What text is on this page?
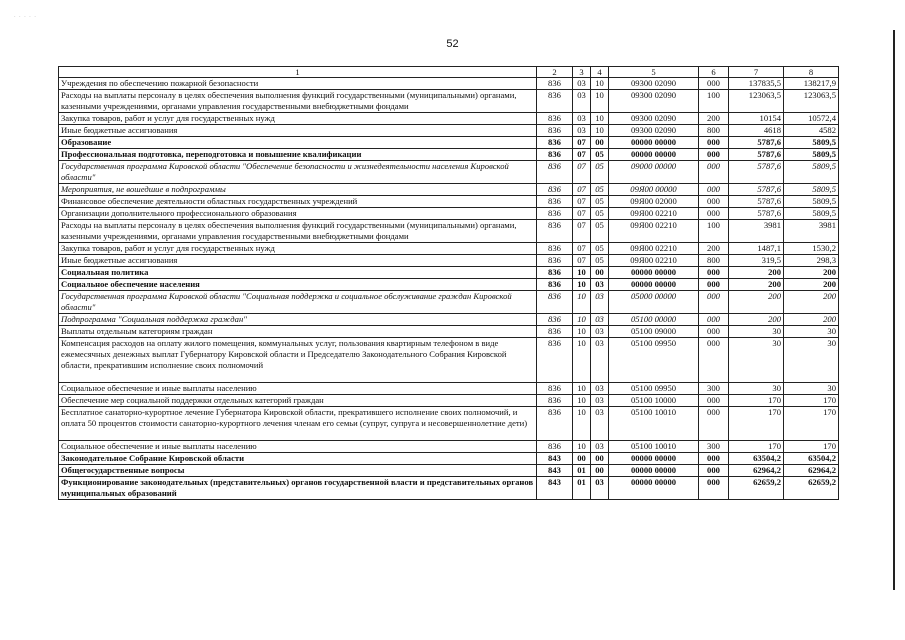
· · · · ·
52
1	2	3	4	5	6	7	8
Учреждения по обеспечению пожарной безопасности	836	03	10	09300 02090	000	137835,5	138217,9
Расходы на выплаты персоналу в целях обеспечения выполнения функций государственными (муниципальными) органами, казенными учреждениями, органами управления государственными внебюджетными фондами	836	03	10	09300 02090	100	123063,5	123063,5
Закупка товаров, работ и услуг для государственных нужд	836	03	10	09300 02090	200	10154	10572,4
Иные бюджетные ассигнования	836	03	10	09300 02090	800	4618	4582
Образование	836	07	00	00000 00000	000	5787,6	5809,5
Профессиональная подготовка, переподготовка и повышение квалификации	836	07	05	00000 00000	000	5787,6	5809,5
Государственная программа Кировской области "Обеспечение безопасности и жизнедеятельности населения Кировской области"	836	07	05	09000 00000	000	5787,6	5809,5
Мероприятия, не вошедшие в подпрограммы	836	07	05	09Я00 00000	000	5787,6	5809,5
Финансовое обеспечение деятельности областных государственных учреждений	836	07	05	09Я00 02000	000	5787,6	5809,5
Организации дополнительного профессионального образования	836	07	05	09Я00 02210	000	5787,6	5809,5
Расходы на выплаты персоналу в целях обеспечения выполнения функций государственными (муниципальными) органами, казенными учреждениями, органами управления государственными внебюджетными фондами	836	07	05	09Я00 02210	100	3981	3981
Закупка товаров, работ и услуг для государственных нужд	836	07	05	09Я00 02210	200	1487,1	1530,2
Иные бюджетные ассигнования	836	07	05	09Я00 02210	800	319,5	298,3
Социальная политика	836	10	00	00000 00000	000	200	200
Социальное обеспечение населения	836	10	03	00000 00000	000	200	200
Государственная программа Кировской области "Социальная поддержка и социальное обслуживание граждан Кировской области"	836	10	03	05000 00000	000	200	200
Подпрограмма "Социальная поддержка граждан"	836	10	03	05100 00000	000	200	200
Выплаты отдельным категориям граждан	836	10	03	05100 09000	000	30	30
Компенсация расходов на оплату жилого помещения, коммунальных услуг, пользования квартирным телефоном в виде ежемесячных денежных выплат Губернатору Кировской области и Председателю Законодательного Собрания Кировской области, прекратившим исполнение своих полномочий	836	10	03	05100 09950	000	30	30
Социальное обеспечение и иные выплаты населению	836	10	03	05100 09950	300	30	30
Обеспечение мер социальной поддержки отдельных категорий граждан	836	10	03	05100 10000	000	170	170
Бесплатное санаторно-курортное лечение Губернатора Кировской области, прекратившего исполнение своих полномочий, и оплата 50 процентов стоимости санаторно-курортного лечения членам его семьи (супруг, супруга и несовершеннолетние дети)	836	10	03	05100 10010	000	170	170
Социальное обеспечение и иные выплаты населению	836	10	03	05100 10010	300	170	170
Законодательное Собрание Кировской области	843	00	00	00000 00000	000	63504,2	63504,2
Общегосударственные вопросы	843	01	00	00000 00000	000	62964,2	62964,2
Функционирование законодательных (представительных) органов государственной власти и представительных органов муниципальных образований	843	01	03	00000 00000	000	62659,2	62659,2
